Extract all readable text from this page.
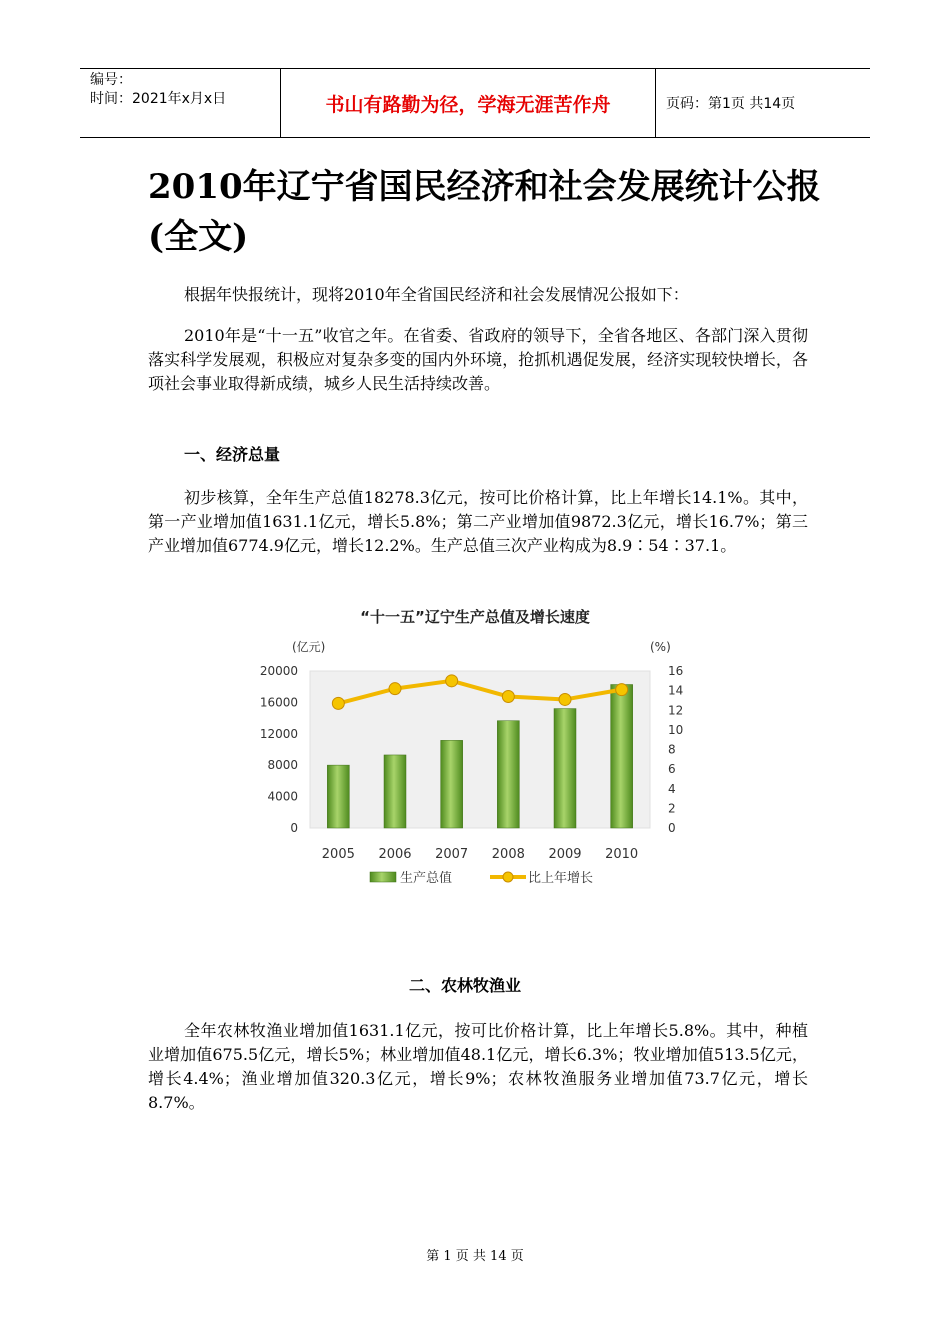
编号：
时间：2021年x月x日	书山有路勤为径，学海无涯苦作舟	页码：第1页 共14页
2010年辽宁省国民经济和社会发展统计公报(全文)
根据年快报统计，现将2010年全省国民经济和社会发展情况公报如下：
2010年是“十一五”收官之年。在省委、省政府的领导下，全省各地区、各部门深入贯彻落实科学发展观，积极应对复杂多变的国内外环境，抢抓机遇促发展，经济实现较快增长，各项社会事业取得新成绩，城乡人民生活持续改善。
一、经济总量
初步核算，全年生产总值18278.3亿元，按可比价格计算，比上年增长14.1%。其中，第一产业增加值1631.1亿元，增长5.8%；第二产业增加值9872.3亿元，增长16.7%；第三产业增加值6774.9亿元，增长12.2%。生产总值三次产业构成为8.9∶54∶37.1。
“十一五”辽宁生产总值及增长速度
(亿元)	(%)
0
4000
8000
12000
16000
20000
0
2
4
6
8
10
12
14
16
2005 2006 2007 2008 2009 2010
生产总值	比上年增长
二、农林牧渔业
全年农林牧渔业增加值1631.1亿元，按可比价格计算，比上年增长5.8%。其中，种植业增加值675.5亿元，增长5%；林业增加值48.1亿元，增长6.3%；牧业增加值513.5亿元，增长4.4%；渔业增加值320.3亿元，增长9%；农林牧渔服务业增加值73.7亿元，增长8.7%。
第 1 页 共 14 页
